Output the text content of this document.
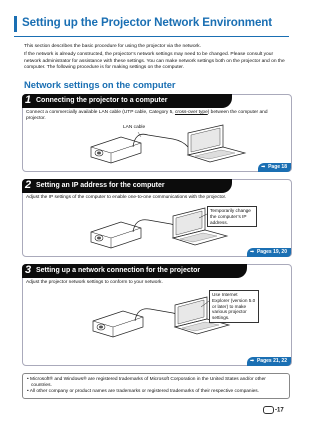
Setting up the Projector Network Environment

This section describes the basic procedure for using the projector via the network.

If the network is already constructed, the projector’s network settings may need to be changed. Please consult your network administrator for assistance with these settings. You can make network settings both on the projector and on the computer. The following procedure is for making settings on the computer.

Network settings on the computer
1 Connecting the projector to a computer
Connect a commercially available LAN cable (UTP cable, Category 5, cross-over type) between the computer and projector.
LAN cable
➡ Page 18
2 Setting an IP address for the computer
Adjust the IP settings of the computer to enable one-to-one communications with the projector.
Temporarily change the computer’s IP address.
➡ Pages 19, 20
3 Setting up a network connection for the projector
Adjust the projector network settings to conform to your network.
Use Internet Explorer (version 5.0 or later) to make various projector settings.
➡ Pages 21, 22
• Microsoft® and Windows® are registered trademarks of Microsoft Corporation in the United States and/or other countries.
• All other company or product names are trademarks or registered trademarks of their respective companies.
-17
